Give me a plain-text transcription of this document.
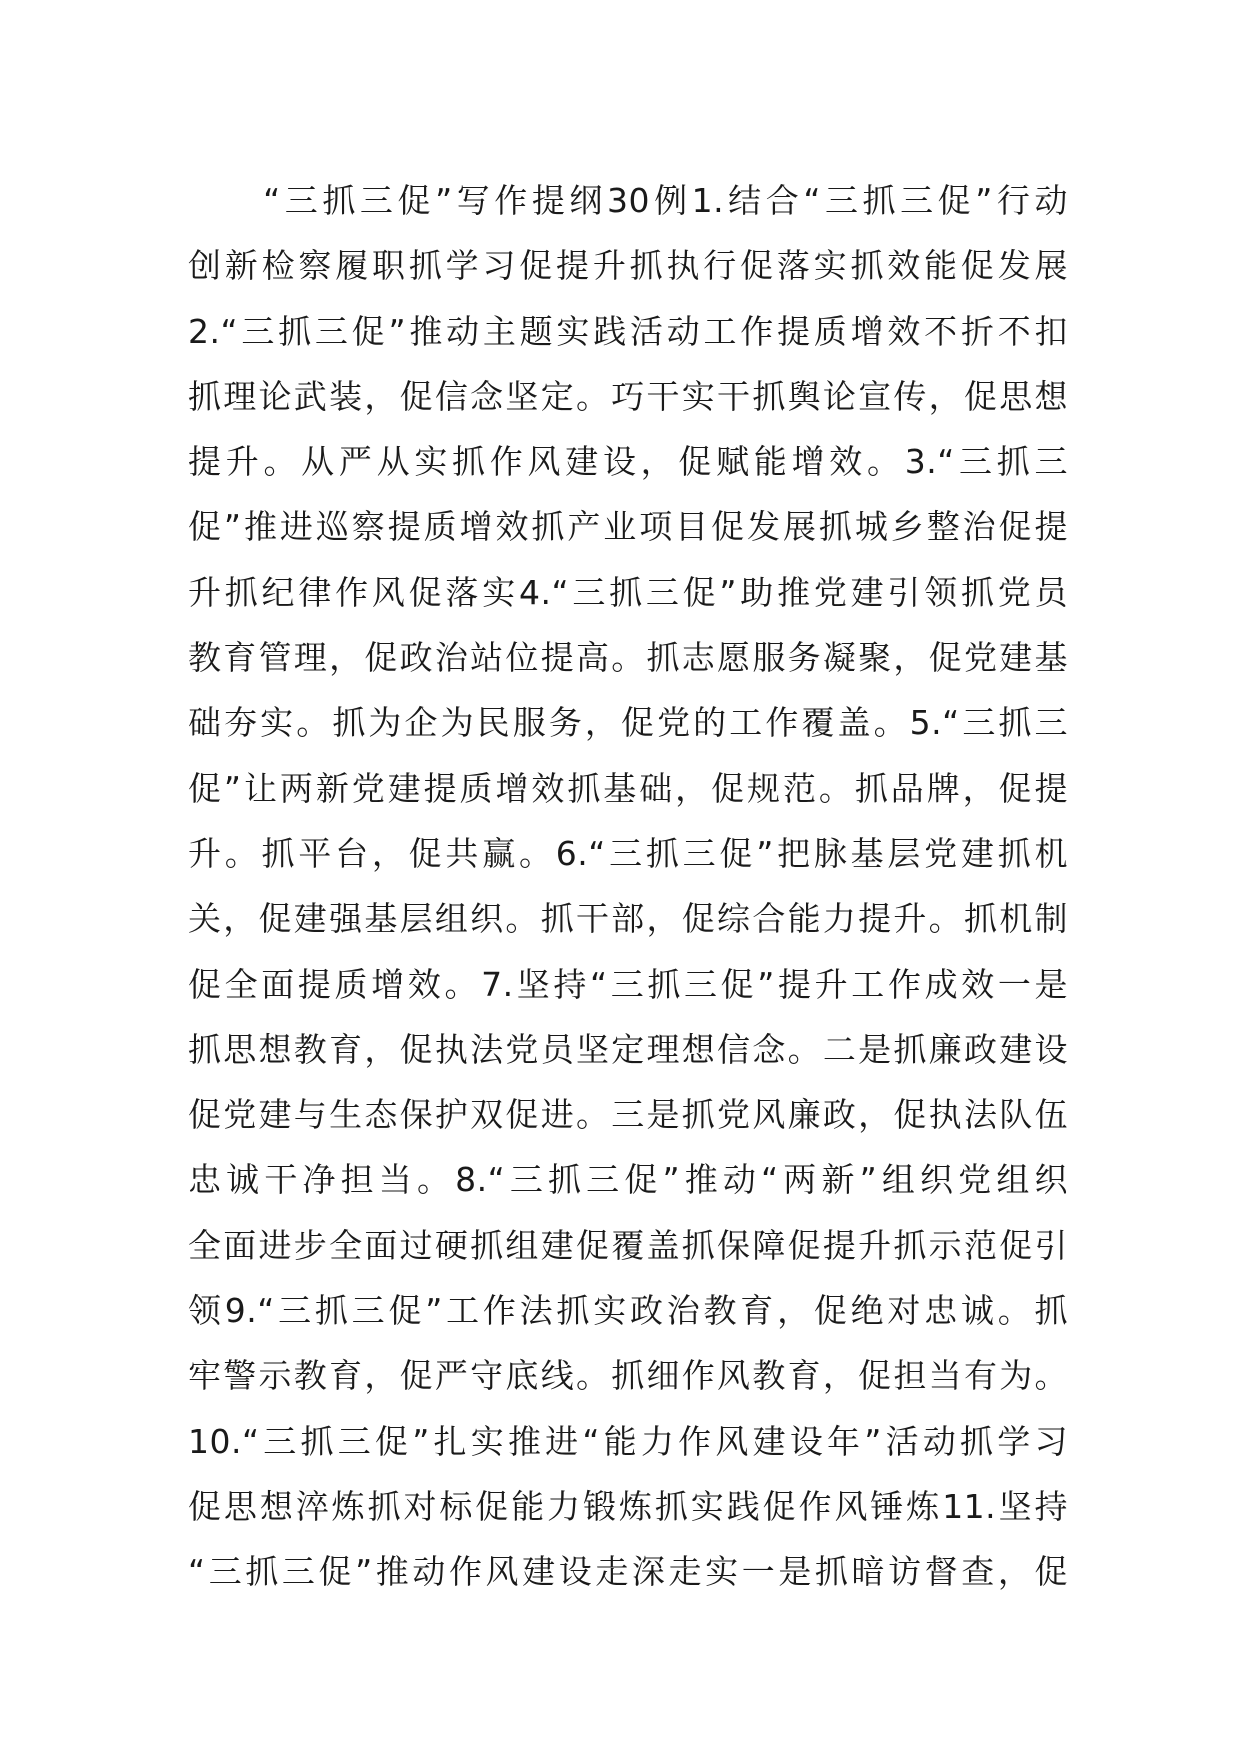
　　“三抓三促”写作提纲30例1.结合“三抓三促”行动
创新检察履职抓学习促提升抓执行促落实抓效能促发展
2.“三抓三促”推动主题实践活动工作提质增效不折不扣
抓理论武装，促信念坚定。巧干实干抓舆论宣传，促思想
提升。从严从实抓作风建设，促赋能增效。3.“三抓三
促”推进巡察提质增效抓产业项目促发展抓城乡整治促提
升抓纪律作风促落实4.“三抓三促”助推党建引领抓党员
教育管理，促政治站位提高。抓志愿服务凝聚，促党建基
础夯实。抓为企为民服务，促党的工作覆盖。5.“三抓三
促”让两新党建提质增效抓基础，促规范。抓品牌，促提
升。抓平台，促共赢。6.“三抓三促”把脉基层党建抓机
关，促建强基层组织。抓干部，促综合能力提升。抓机制
促全面提质增效。7.坚持“三抓三促”提升工作成效一是
抓思想教育，促执法党员坚定理想信念。二是抓廉政建设
促党建与生态保护双促进。三是抓党风廉政，促执法队伍
忠诚干净担当。8.“三抓三促”推动“两新”组织党组织
全面进步全面过硬抓组建促覆盖抓保障促提升抓示范促引
领9.“三抓三促”工作法抓实政治教育，促绝对忠诚。抓
牢警示教育，促严守底线。抓细作风教育，促担当有为。
10.“三抓三促”扎实推进“能力作风建设年”活动抓学习
促思想淬炼抓对标促能力锻炼抓实践促作风锤炼11.坚持
“三抓三促”推动作风建设走深走实一是抓暗访督查，促
